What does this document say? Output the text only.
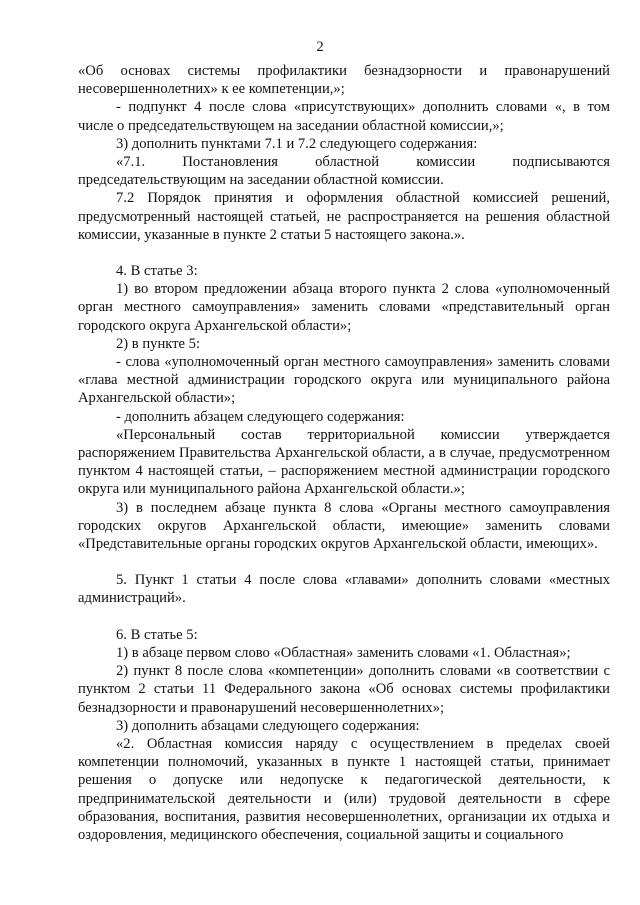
2

«Об основах системы профилактики безнадзорности и правонарушений несовершеннолетних» к ее компетенции,»;

- подпункт 4 после слова «присутствующих» дополнить словами «, в том числе о председательствующем на заседании областной комиссии,»;

3) дополнить пунктами 7.1 и 7.2 следующего содержания:

«7.1. Постановления областной комиссии подписываются председательствующим на заседании областной комиссии.

7.2 Порядок принятия и оформления областной комиссией решений, предусмотренный настоящей статьей, не распространяется на решения областной комиссии, указанные в пункте 2 статьи 5 настоящего закона.».

4. В статье 3:

1) во втором предложении абзаца второго пункта 2 слова «уполномоченный орган местного самоуправления» заменить словами «представительный орган городского округа Архангельской области»;

2) в пункте 5:

- слова «уполномоченный орган местного самоуправления» заменить словами «глава местной администрации городского округа или муниципального района Архангельской области»;

- дополнить абзацем следующего содержания:

«Персональный состав территориальной комиссии утверждается распоряжением Правительства Архангельской области, а в случае, предусмотренном пунктом 4 настоящей статьи, – распоряжением местной администрации городского округа или муниципального района Архангельской области.»;

3) в последнем абзаце пункта 8 слова «Органы местного самоуправления городских округов Архангельской области, имеющие» заменить словами «Представительные органы городских округов Архангельской области, имеющих».

5. Пункт 1 статьи 4 после слова «главами» дополнить словами «местных администраций».

6. В статье 5:

1) в абзаце первом слово «Областная» заменить словами «1. Областная»;

2) пункт 8 после слова «компетенции» дополнить словами «в соответствии с пунктом 2 статьи 11 Федерального закона «Об основах системы профилактики безнадзорности и правонарушений несовершеннолетних»;

3) дополнить абзацами следующего содержания:

«2. Областная комиссия наряду с осуществлением в пределах своей компетенции полномочий, указанных в пункте 1 настоящей статьи, принимает решения о допуске или недопуске к педагогической деятельности, к предпринимательской деятельности и (или) трудовой деятельности в сфере образования, воспитания, развития несовершеннолетних, организации их отдыха и оздоровления, медицинского обеспечения, социальной защиты и социального
